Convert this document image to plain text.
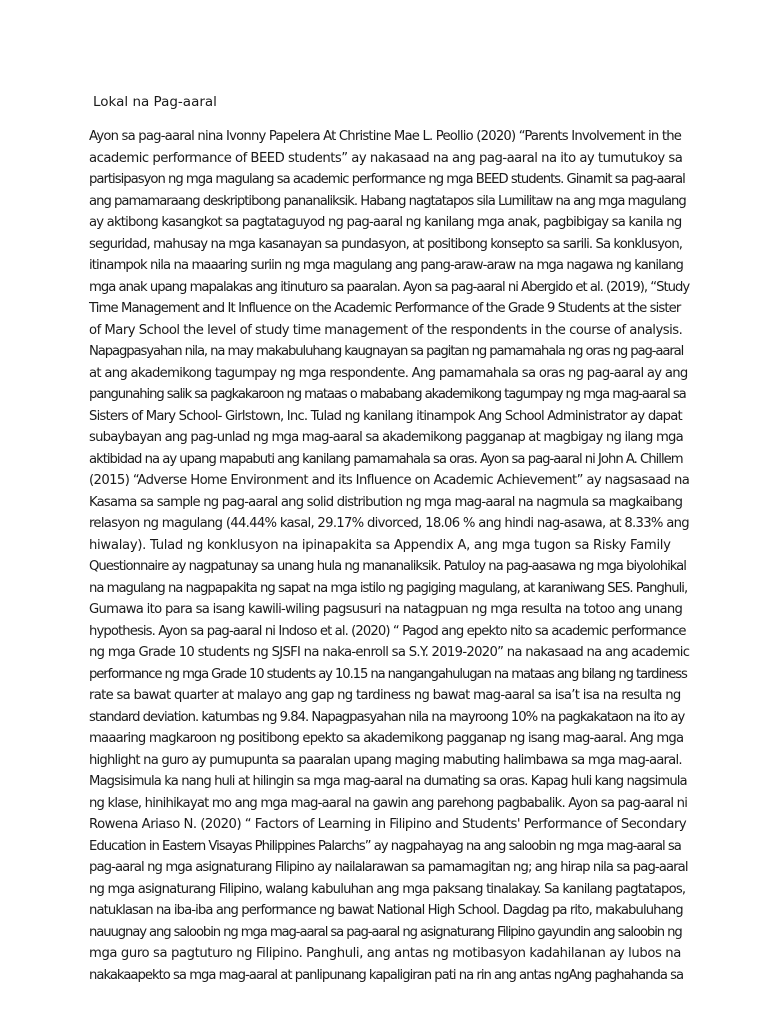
Lokal na Pag-aaral
Ayon sa pag-aaral nina Ivonny Papelera At Christine Mae L. Peollio (2020) “Parents Involvement in the
academic performance of BEED students” ay nakasaad na ang pag-aaral na ito ay tumutukoy sa
partisipasyon ng mga magulang sa academic performance ng mga BEED students. Ginamit sa pag-aaral
ang pamamaraang deskriptibong pananaliksik. Habang nagtatapos sila Lumilitaw na ang mga magulang
ay aktibong kasangkot sa pagtataguyod ng pag-aaral ng kanilang mga anak, pagbibigay sa kanila ng
seguridad, mahusay na mga kasanayan sa pundasyon, at positibong konsepto sa sarili. Sa konklusyon,
itinampok nila na maaaring suriin ng mga magulang ang pang-araw-araw na mga nagawa ng kanilang
mga anak upang mapalakas ang itinuturo sa paaralan. Ayon sa pag-aaral ni Abergido et al. (2019), “Study
Time Management and It Influence on the Academic Performance of the Grade 9 Students at the sister
of Mary School the level of study time management of the respondents in the course of analysis.
Napagpasyahan nila, na may makabuluhang kaugnayan sa pagitan ng pamamahala ng oras ng pag-aaral
at ang akademikong tagumpay ng mga respondente. Ang pamamahala sa oras ng pag-aaral ay ang
pangunahing salik sa pagkakaroon ng mataas o mababang akademikong tagumpay ng mga mag-aaral sa
Sisters of Mary School- Girlstown, Inc. Tulad ng kanilang itinampok Ang School Administrator ay dapat
subaybayan ang pag-unlad ng mga mag-aaral sa akademikong pagganap at magbigay ng ilang mga
aktibidad na ay upang mapabuti ang kanilang pamamahala sa oras. Ayon sa pag-aaral ni John A. Chillem
(2015) “Adverse Home Environment and its Influence on Academic Achievement” ay nagsasaad na
Kasama sa sample ng pag-aaral ang solid distribution ng mga mag-aaral na nagmula sa magkaibang
relasyon ng magulang (44.44% kasal, 29.17% divorced, 18.06 % ang hindi nag-asawa, at 8.33% ang
hiwalay). Tulad ng konklusyon na ipinapakita sa Appendix A, ang mga tugon sa Risky Family
Questionnaire ay nagpatunay sa unang hula ng mananaliksik. Patuloy na pag-aasawa ng mga biyolohikal
na magulang na nagpapakita ng sapat na mga istilo ng pagiging magulang, at karaniwang SES. Panghuli,
Gumawa ito para sa isang kawili-wiling pagsusuri na natagpuan ng mga resulta na totoo ang unang
hypothesis. Ayon sa pag-aaral ni Indoso et al. (2020) “ Pagod ang epekto nito sa academic performance
ng mga Grade 10 students ng SJSFI na naka-enroll sa S.Y. 2019-2020” na nakasaad na ang academic
performance ng mga Grade 10 students ay 10.15 na nangangahulugan na mataas ang bilang ng tardiness
rate sa bawat quarter at malayo ang gap ng tardiness ng bawat mag-aaral sa isa’t isa na resulta ng
standard deviation. katumbas ng 9.84. Napagpasyahan nila na mayroong 10% na pagkakataon na ito ay
maaaring magkaroon ng positibong epekto sa akademikong pagganap ng isang mag-aaral. Ang mga
highlight na guro ay pumupunta sa paaralan upang maging mabuting halimbawa sa mga mag-aaral.
Magsisimula ka nang huli at hilingin sa mga mag-aaral na dumating sa oras. Kapag huli kang nagsimula
ng klase, hinihikayat mo ang mga mag-aaral na gawin ang parehong pagbabalik. Ayon sa pag-aaral ni
Rowena Ariaso N. (2020) “ Factors of Learning in Filipino and Students' Performance of Secondary
Education in Eastern Visayas Philippines Palarchs” ay nagpahayag na ang saloobin ng mga mag-aaral sa
pag-aaral ng mga asignaturang Filipino ay nailalarawan sa pamamagitan ng; ang hirap nila sa pag-aaral
ng mga asignaturang Filipino, walang kabuluhan ang mga paksang tinalakay. Sa kanilang pagtatapos,
natuklasan na iba-iba ang performance ng bawat National High School. Dagdag pa rito, makabuluhang
nauugnay ang saloobin ng mga mag-aaral sa pag-aaral ng asignaturang Filipino gayundin ang saloobin ng
mga guro sa pagtuturo ng Filipino. Panghuli, ang antas ng motibasyon kadahilanan ay lubos na
nakakaapekto sa mga mag-aaral at panlipunang kapaligiran pati na rin ang antas ngAng paghahanda sa
